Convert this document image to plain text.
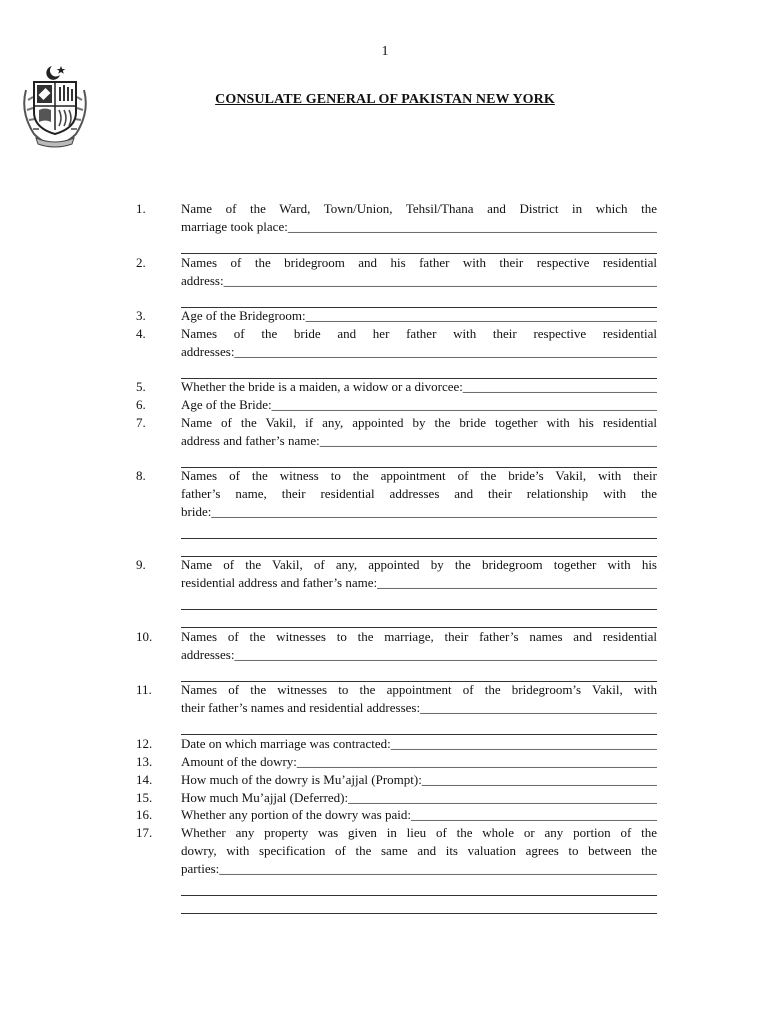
1
CONSULATE GENERAL OF PAKISTAN NEW YORK
1.	Name of the Ward, Town/Union, Tehsil/Thana and District in which the
marriage took place: _____
2.	Names of the bridegroom and his father with their respective residential
address: _____
3.	Age of the Bridegroom: _____
4.	Names of the bride and her father with their respective residential
addresses: _____
5.	Whether the bride is a maiden, a widow or a divorcee: _____
6.	Age of the Bride: _____
7.	Name of the Vakil, if any, appointed by the bride together with his residential
address and father’s name: _____
8.	Names of the witness to the appointment of the bride’s Vakil, with their
father’s name, their residential addresses and their relationship with the
bride: _____
9.	Name of the Vakil, of any, appointed by the bridegroom together with his
residential address and father’s name: _____
10.	Names of the witnesses to the marriage, their father’s names and residential
addresses: _____
11.	Names of the witnesses to the appointment of the bridegroom’s Vakil, with
their father’s names and residential addresses: _____
12.	Date on which marriage was contracted: _____
13.	Amount of the dowry: _____
14.	How much of the dowry is Mu’ajjal (Prompt): _____
15.	How much Mu’ajjal (Deferred): _____
16.	Whether any portion of the dowry was paid: _____
17.	Whether any property was given in lieu of the whole or any portion of the
dowry, with specification of the same and its valuation agrees to between the
parties: _____
